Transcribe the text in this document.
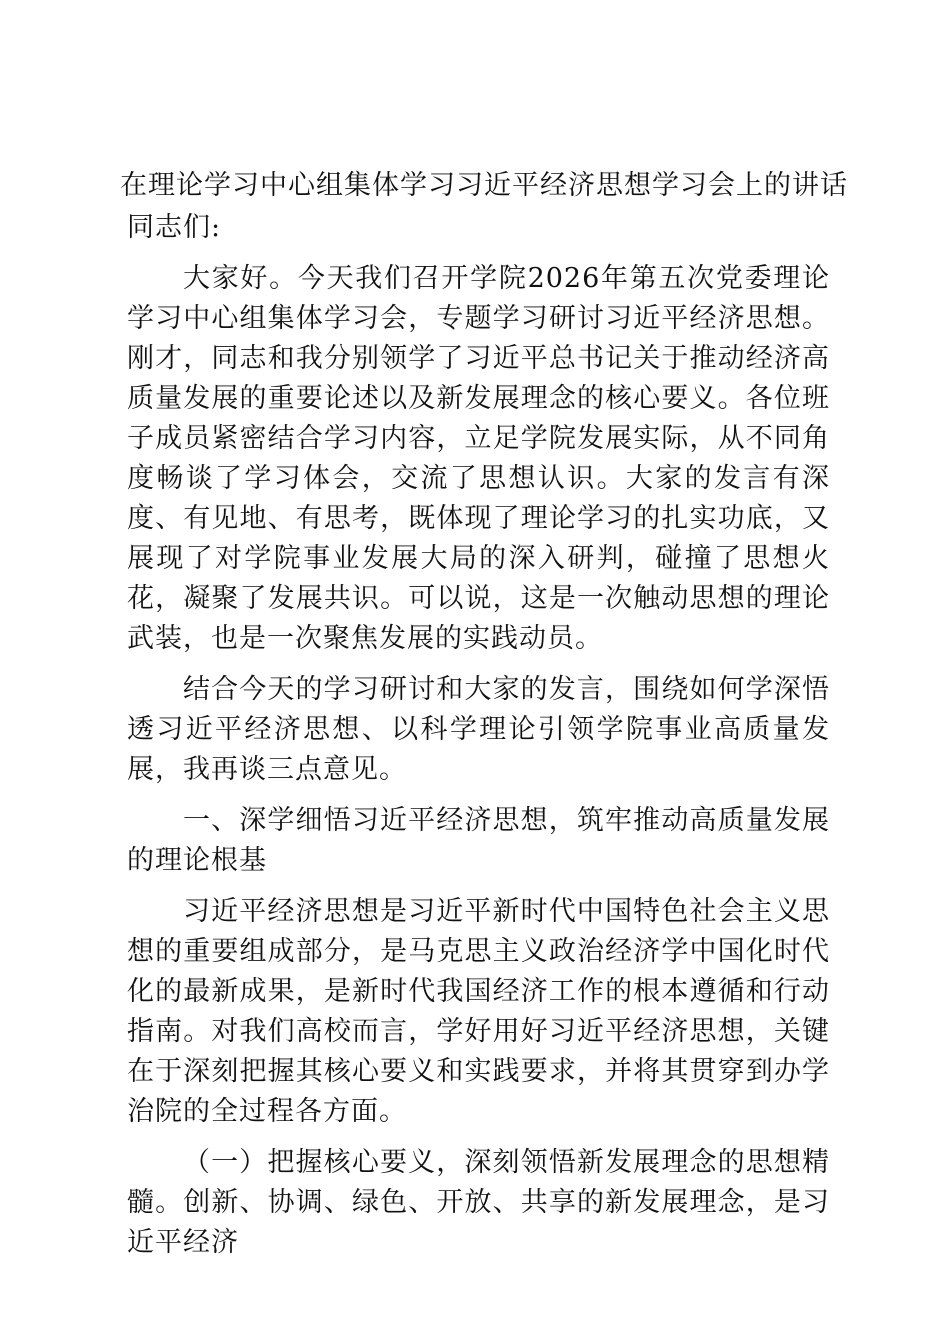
在理论学习中心组集体学习习近平经济思想学习会上的讲话

同志们:

大家好。今天我们召开学院2026年第五次党委理论学习中心组集体学习会，专题学习研讨习近平经济思想。刚才，同志和我分别领学了习近平总书记关于推动经济高质量发展的重要论述以及新发展理念的核心要义。各位班子成员紧密结合学习内容，立足学院发展实际，从不同角度畅谈了学习体会，交流了思想认识。大家的发言有深度、有见地、有思考，既体现了理论学习的扎实功底，又展现了对学院事业发展大局的深入研判，碰撞了思想火花，凝聚了发展共识。可以说，这是一次触动思想的理论武装，也是一次聚焦发展的实践动员。

结合今天的学习研讨和大家的发言，围绕如何学深悟透习近平经济思想、以科学理论引领学院事业高质量发展，我再谈三点意见。

一、深学细悟习近平经济思想，筑牢推动高质量发展的理论根基

习近平经济思想是习近平新时代中国特色社会主义思想的重要组成部分，是马克思主义政治经济学中国化时代化的最新成果，是新时代我国经济工作的根本遵循和行动指南。对我们高校而言，学好用好习近平经济思想，关键在于深刻把握其核心要义和实践要求，并将其贯穿到办学治院的全过程各方面。

（一）把握核心要义，深刻领悟新发展理念的思想精髓。创新、协调、绿色、开放、共享的新发展理念，是习近平经济
